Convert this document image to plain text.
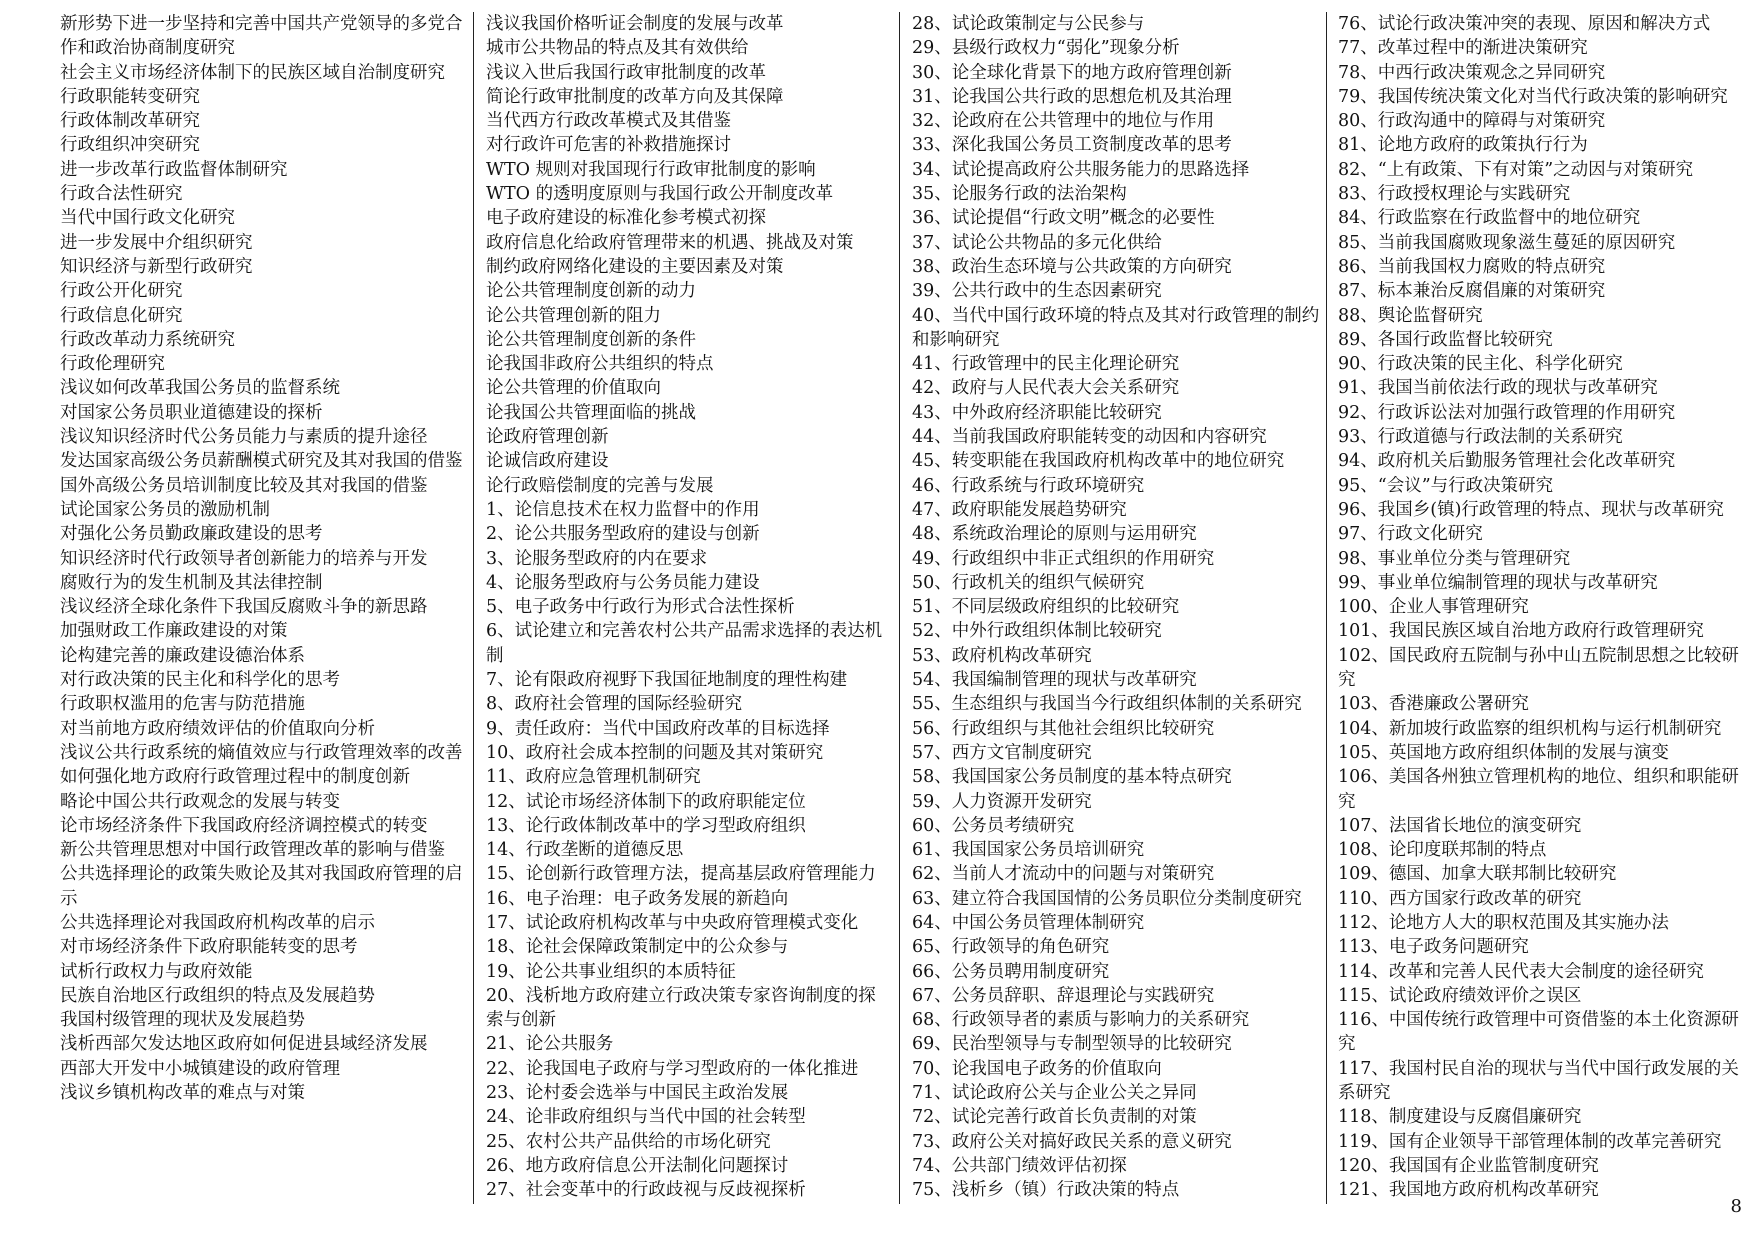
新形势下进一步坚持和完善中国共产党领导的多党合作和政治协商制度研究

社会主义市场经济体制下的民族区域自治制度研究

行政职能转变研究

行政体制改革研究

行政组织冲突研究

进一步改革行政监督体制研究

行政合法性研究

当代中国行政文化研究

进一步发展中介组织研究

知识经济与新型行政研究

行政公开化研究

行政信息化研究

行政改革动力系统研究

行政伦理研究

浅议如何改革我国公务员的监督系统

对国家公务员职业道德建设的探析

浅议知识经济时代公务员能力与素质的提升途径

发达国家高级公务员薪酬模式研究及其对我国的借鉴

国外高级公务员培训制度比较及其对我国的借鉴

试论国家公务员的激励机制

对强化公务员勤政廉政建设的思考

知识经济时代行政领导者创新能力的培养与开发

腐败行为的发生机制及其法律控制

浅议经济全球化条件下我国反腐败斗争的新思路

加强财政工作廉政建设的对策

论构建完善的廉政建设德治体系

对行政决策的民主化和科学化的思考

行政职权滥用的危害与防范措施

对当前地方政府绩效评估的价值取向分析

浅议公共行政系统的熵值效应与行政管理效率的改善

如何强化地方政府行政管理过程中的制度创新

略论中国公共行政观念的发展与转变

论市场经济条件下我国政府经济调控模式的转变

新公共管理思想对中国行政管理改革的影响与借鉴

公共选择理论的政策失败论及其对我国政府管理的启示

公共选择理论对我国政府机构改革的启示

对市场经济条件下政府职能转变的思考

试析行政权力与政府效能

民族自治地区行政组织的特点及发展趋势

我国村级管理的现状及发展趋势

浅析西部欠发达地区政府如何促进县域经济发展

西部大开发中小城镇建设的政府管理

浅议乡镇机构改革的难点与对策

浅议我国价格听证会制度的发展与改革

城市公共物品的特点及其有效供给

浅议入世后我国行政审批制度的改革

简论行政审批制度的改革方向及其保障

当代西方行政改革模式及其借鉴

对行政许可危害的补救措施探讨

WTO 规则对我国现行行政审批制度的影响

WTO 的透明度原则与我国行政公开制度改革

电子政府建设的标准化参考模式初探

政府信息化给政府管理带来的机遇、挑战及对策

制约政府网络化建设的主要因素及对策

论公共管理制度创新的动力

论公共管理创新的阻力

论公共管理制度创新的条件

论我国非政府公共组织的特点

论公共管理的价值取向

论我国公共管理面临的挑战

论政府管理创新

论诚信政府建设

论行政赔偿制度的完善与发展

1、论信息技术在权力监督中的作用

2、论公共服务型政府的建设与创新

3、论服务型政府的内在要求

4、论服务型政府与公务员能力建设

5、电子政务中行政行为形式合法性探析

6、试论建立和完善农村公共产品需求选择的表达机制

7、论有限政府视野下我国征地制度的理性构建

8、政府社会管理的国际经验研究

9、责任政府：当代中国政府改革的目标选择

10、政府社会成本控制的问题及其对策研究

11、政府应急管理机制研究

12、试论市场经济体制下的政府职能定位

13、论行政体制改革中的学习型政府组织

14、行政垄断的道德反思

15、论创新行政管理方法，提高基层政府管理能力

16、电子治理：电子政务发展的新趋向

17、试论政府机构改革与中央政府管理模式变化

18、论社会保障政策制定中的公众参与

19、论公共事业组织的本质特征

20、浅析地方政府建立行政决策专家咨询制度的探索与创新

21、论公共服务

22、论我国电子政府与学习型政府的一体化推进

23、论村委会选举与中国民主政治发展

24、论非政府组织与当代中国的社会转型

25、农村公共产品供给的市场化研究

26、地方政府信息公开法制化问题探讨

27、社会变革中的行政歧视与反歧视探析

28、试论政策制定与公民参与

29、县级行政权力“弱化”现象分析

30、论全球化背景下的地方政府管理创新

31、论我国公共行政的思想危机及其治理

32、论政府在公共管理中的地位与作用

33、深化我国公务员工资制度改革的思考

34、试论提高政府公共服务能力的思路选择

35、论服务行政的法治架构

36、试论提倡“行政文明”概念的必要性

37、试论公共物品的多元化供给

38、政治生态环境与公共政策的方向研究

39、公共行政中的生态因素研究

40、当代中国行政环境的特点及其对行政管理的制约和影响研究

41、行政管理中的民主化理论研究

42、政府与人民代表大会关系研究

43、中外政府经济职能比较研究

44、当前我国政府职能转变的动因和内容研究

45、转变职能在我国政府机构改革中的地位研究

46、行政系统与行政环境研究

47、政府职能发展趋势研究

48、系统政治理论的原则与运用研究

49、行政组织中非正式组织的作用研究

50、行政机关的组织气候研究

51、不同层级政府组织的比较研究

52、中外行政组织体制比较研究

53、政府机构改革研究

54、我国编制管理的现状与改革研究

55、生态组织与我国当今行政组织体制的关系研究

56、行政组织与其他社会组织比较研究

57、西方文官制度研究

58、我国国家公务员制度的基本特点研究

59、人力资源开发研究

60、公务员考绩研究

61、我国国家公务员培训研究

62、当前人才流动中的问题与对策研究

63、建立符合我国国情的公务员职位分类制度研究

64、中国公务员管理体制研究

65、行政领导的角色研究

66、公务员聘用制度研究

67、公务员辞职、辞退理论与实践研究

68、行政领导者的素质与影响力的关系研究

69、民治型领导与专制型领导的比较研究

70、论我国电子政务的价值取向

71、试论政府公关与企业公关之异同

72、试论完善行政首长负责制的对策

73、政府公关对搞好政民关系的意义研究

74、公共部门绩效评估初探

75、浅析乡（镇）行政决策的特点

76、试论行政决策冲突的表现、原因和解决方式

77、改革过程中的渐进决策研究

78、中西行政决策观念之异同研究

79、我国传统决策文化对当代行政决策的影响研究

80、行政沟通中的障碍与对策研究

81、论地方政府的政策执行行为

82、“上有政策、下有对策”之动因与对策研究

83、行政授权理论与实践研究

84、行政监察在行政监督中的地位研究

85、当前我国腐败现象滋生蔓延的原因研究

86、当前我国权力腐败的特点研究

87、标本兼治反腐倡廉的对策研究

88、舆论监督研究

89、各国行政监督比较研究

90、行政决策的民主化、科学化研究

91、我国当前依法行政的现状与改革研究

92、行政诉讼法对加强行政管理的作用研究

93、行政道德与行政法制的关系研究

94、政府机关后勤服务管理社会化改革研究

95、“会议”与行政决策研究

96、我国乡(镇)行政管理的特点、现状与改革研究

97、行政文化研究

98、事业单位分类与管理研究

99、事业单位编制管理的现状与改革研究

100、企业人事管理研究

101、我国民族区域自治地方政府行政管理研究

102、国民政府五院制与孙中山五院制思想之比较研究

103、香港廉政公署研究

104、新加坡行政监察的组织机构与运行机制研究

105、英国地方政府组织体制的发展与演变

106、美国各州独立管理机构的地位、组织和职能研究

107、法国省长地位的演变研究

108、论印度联邦制的特点

109、德国、加拿大联邦制比较研究

110、西方国家行政改革的研究

112、论地方人大的职权范围及其实施办法

113、电子政务问题研究

114、改革和完善人民代表大会制度的途径研究

115、试论政府绩效评价之误区

116、中国传统行政管理中可资借鉴的本土化资源研究

117、我国村民自治的现状与当代中国行政发展的关系研究

118、制度建设与反腐倡廉研究

119、国有企业领导干部管理体制的改革完善研究

120、我国国有企业监管制度研究

121、我国地方政府机构改革研究

8
